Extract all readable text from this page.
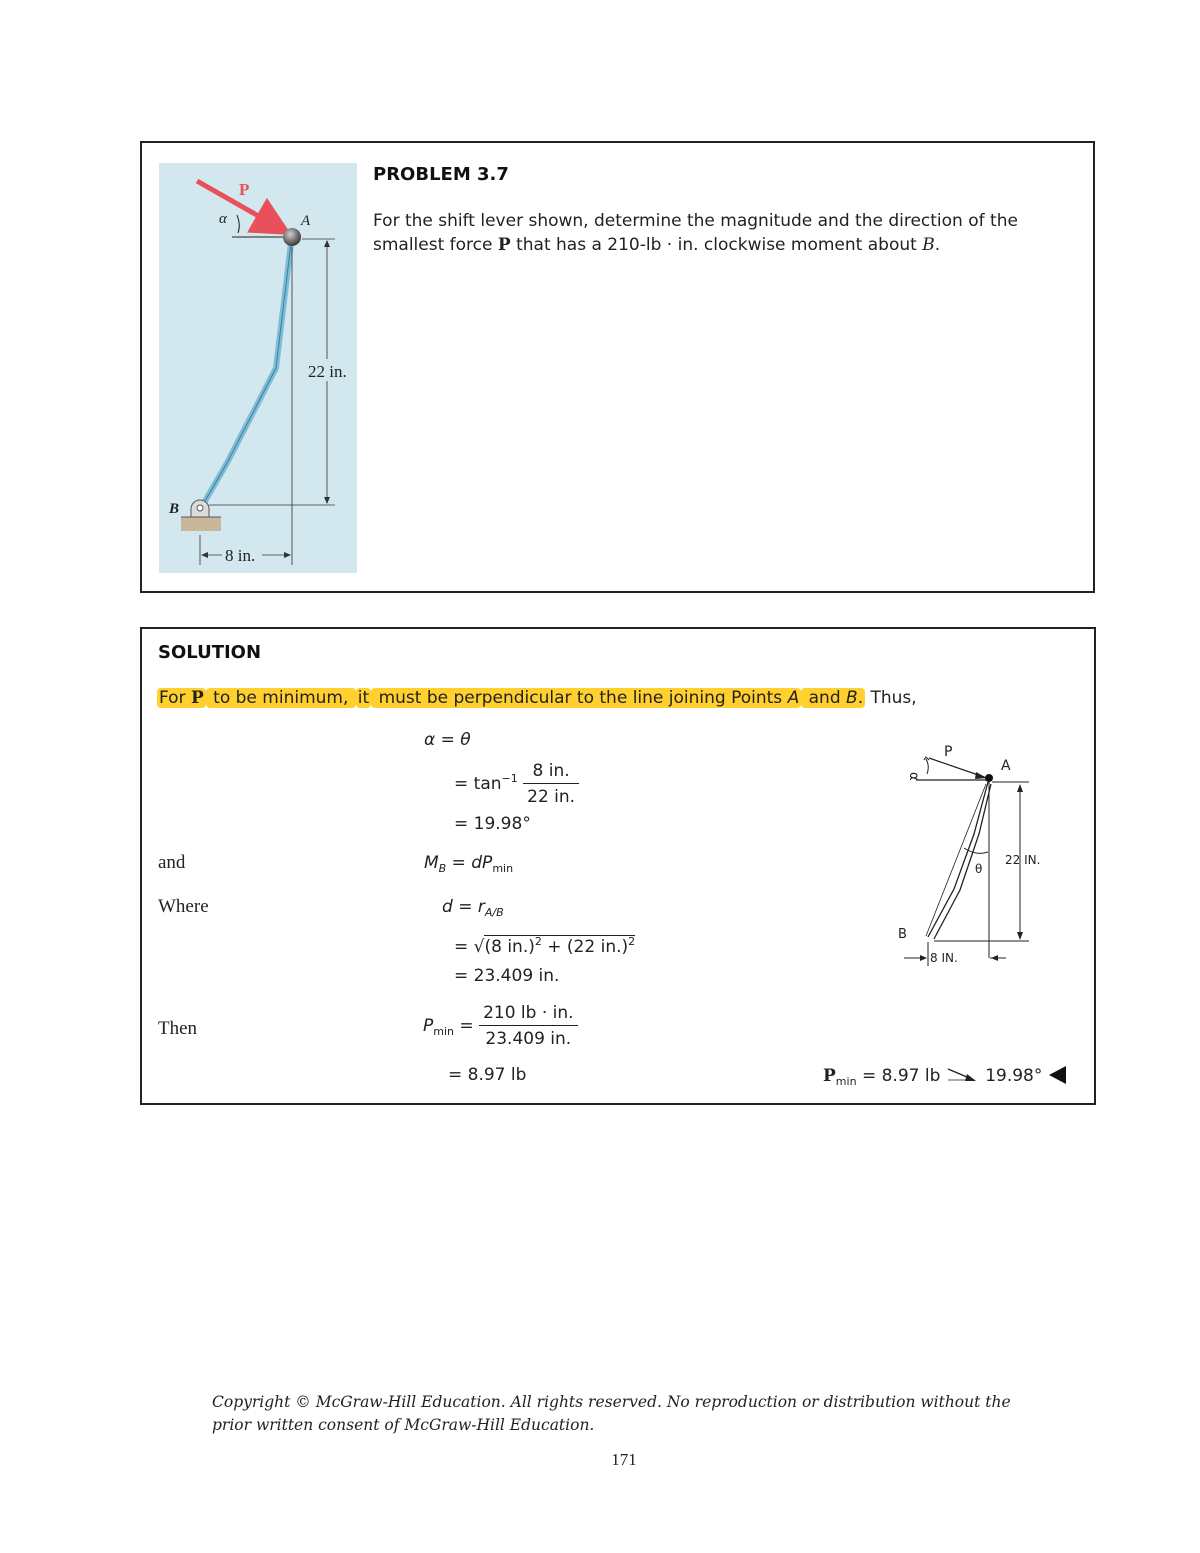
P
α	A
22 in.
B
8 in.
PROBLEM 3.7
For the shift lever shown, determine the magnitude and the direction of the smallest force P that has a 210-lb · in. clockwise moment about B.
SOLUTION
For P to be minimum, it must be perpendicular to the line joining Points A and B. Thus,
α = θ
= $\tan^{-1} \frac{8 in.}{22 in.}$
= 19.98°
and	$M_B = dP_{min}$
Where	$d = r_{A/B}$
= √(8 in.)$^2$ + (22 in.)$^2$
= 23.409 in.
Then	$P_{min} = \frac{210 lb \cdot in.}{23.409 in.}$
= 8.97 lb	$P_{min} = 8.97$ lb	19.98°
α
P
A
θ
22 IN.
B
8 IN.
Copyright © McGraw-Hill Education. All rights reserved. No reproduction or distribution without the prior written consent of McGraw-Hill Education.
171
